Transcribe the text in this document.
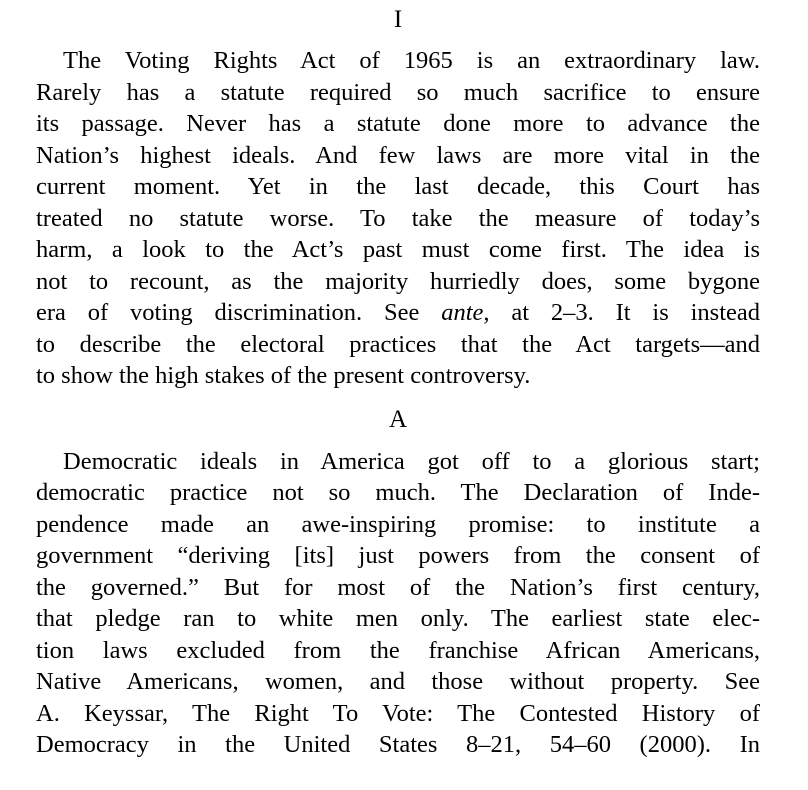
I
The Voting Rights Act of 1965 is an extraordinary law.
Rarely has a statute required so much sacrifice to ensure
its passage. Never has a statute done more to advance the
Nation’s highest ideals. And few laws are more vital in the
current moment. Yet in the last decade, this Court has
treated no statute worse. To take the measure of today’s
harm, a look to the Act’s past must come first. The idea is
not to recount, as the majority hurriedly does, some bygone
era of voting discrimination. See ante, at 2–3. It is instead
to describe the electoral practices that the Act targets—and
to show the high stakes of the present controversy.
A
Democratic ideals in America got off to a glorious start;
democratic practice not so much. The Declaration of Inde-
pendence made an awe-inspiring promise: to institute a
government “deriving [its] just powers from the consent of
the governed.” But for most of the Nation’s first century,
that pledge ran to white men only. The earliest state elec-
tion laws excluded from the franchise African Americans,
Native Americans, women, and those without property. See
A. Keyssar, The Right To Vote: The Contested History of
Democracy in the United States 8–21, 54–60 (2000). In
